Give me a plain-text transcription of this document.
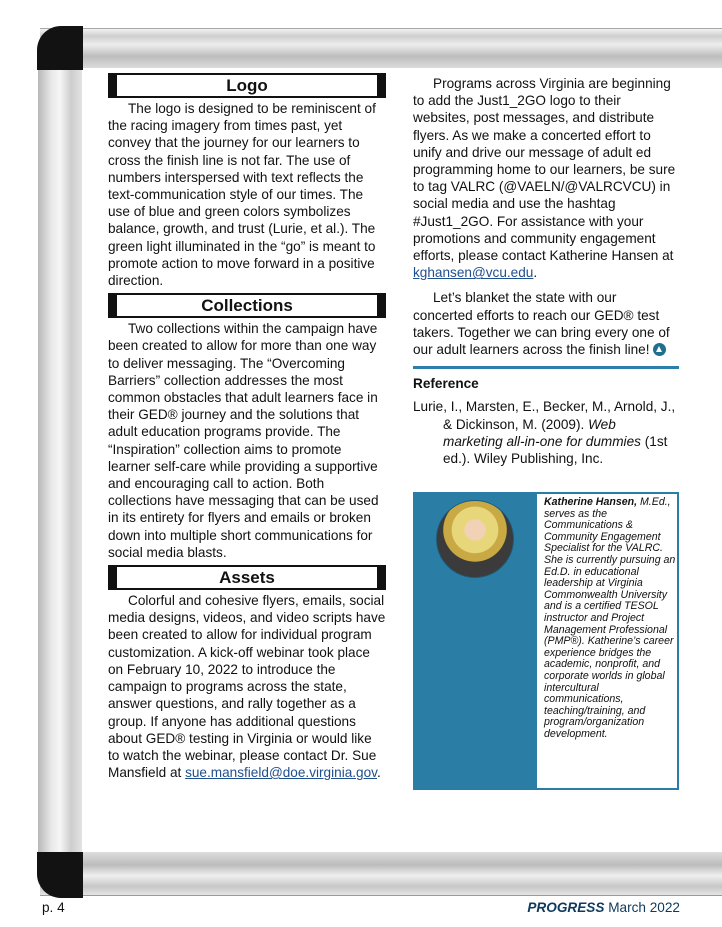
Logo

The logo is designed to be reminiscent of the racing imagery from times past, yet convey that the journey for our learners to cross the finish line is not far. The use of numbers interspersed with text reflects the text-communication style of our times. The use of blue and green colors symbolizes balance, growth, and trust (Lurie, et al.). The green light illuminated in the “go” is meant to promote action to move forward in a positive direction.

Collections

Two collections within the campaign have been created to allow for more than one way to deliver messaging. The “Overcoming Barriers” collection addresses the most common obstacles that adult learners face in their GED® journey and the solutions that adult education programs provide. The “Inspiration” collection aims to promote learner self-care while providing a supportive and encouraging call to action. Both collections have messaging that can be used in its entirety for flyers and emails or broken down into multiple short communications for social media blasts.

Assets

Colorful and cohesive flyers, emails, social media designs, videos, and video scripts have been created to allow for individual program customization. A kick-off webinar took place on February 10, 2022 to introduce the campaign to programs across the state, answer questions, and rally together as a group. If anyone has additional questions about GED® testing in Virginia or would like to watch the webinar, please contact Dr. Sue Mansfield at sue.mansfield@doe.virginia.gov.

Programs across Virginia are beginning to add the Just1_2GO logo to their websites, post messages, and distribute flyers. As we make a concerted effort to unify and drive our message of adult ed programming home to our learners, be sure to tag VALRC (@VAELN/@VALRCVCU) in social media and use the hashtag #Just1_2GO. For assistance with your promotions and community engagement efforts, please contact Katherine Hansen at kghansen@vcu.edu.

Let’s blanket the state with our concerted efforts to reach our GED® test takers. Together we can bring every one of our adult learners across the finish line!

Reference

Lurie, I., Marsten, E., Becker, M., Arnold, J., & Dickinson, M. (2009). Web marketing all-in-one for dummies (1st ed.). Wiley Publishing, Inc.

Katherine Hansen, M.Ed., serves as the Communications & Community Engagement Specialist for the VALRC. She is currently pursuing an Ed.D. in educational leadership at Virginia Commonwealth University and is a certified TESOL instructor and Project Management Professional (PMP®). Katherine’s career experience bridges the academic, nonprofit, and corporate worlds in global intercultural communications, teaching/training, and program/organization development.
p. 4	PROGRESS March 2022
